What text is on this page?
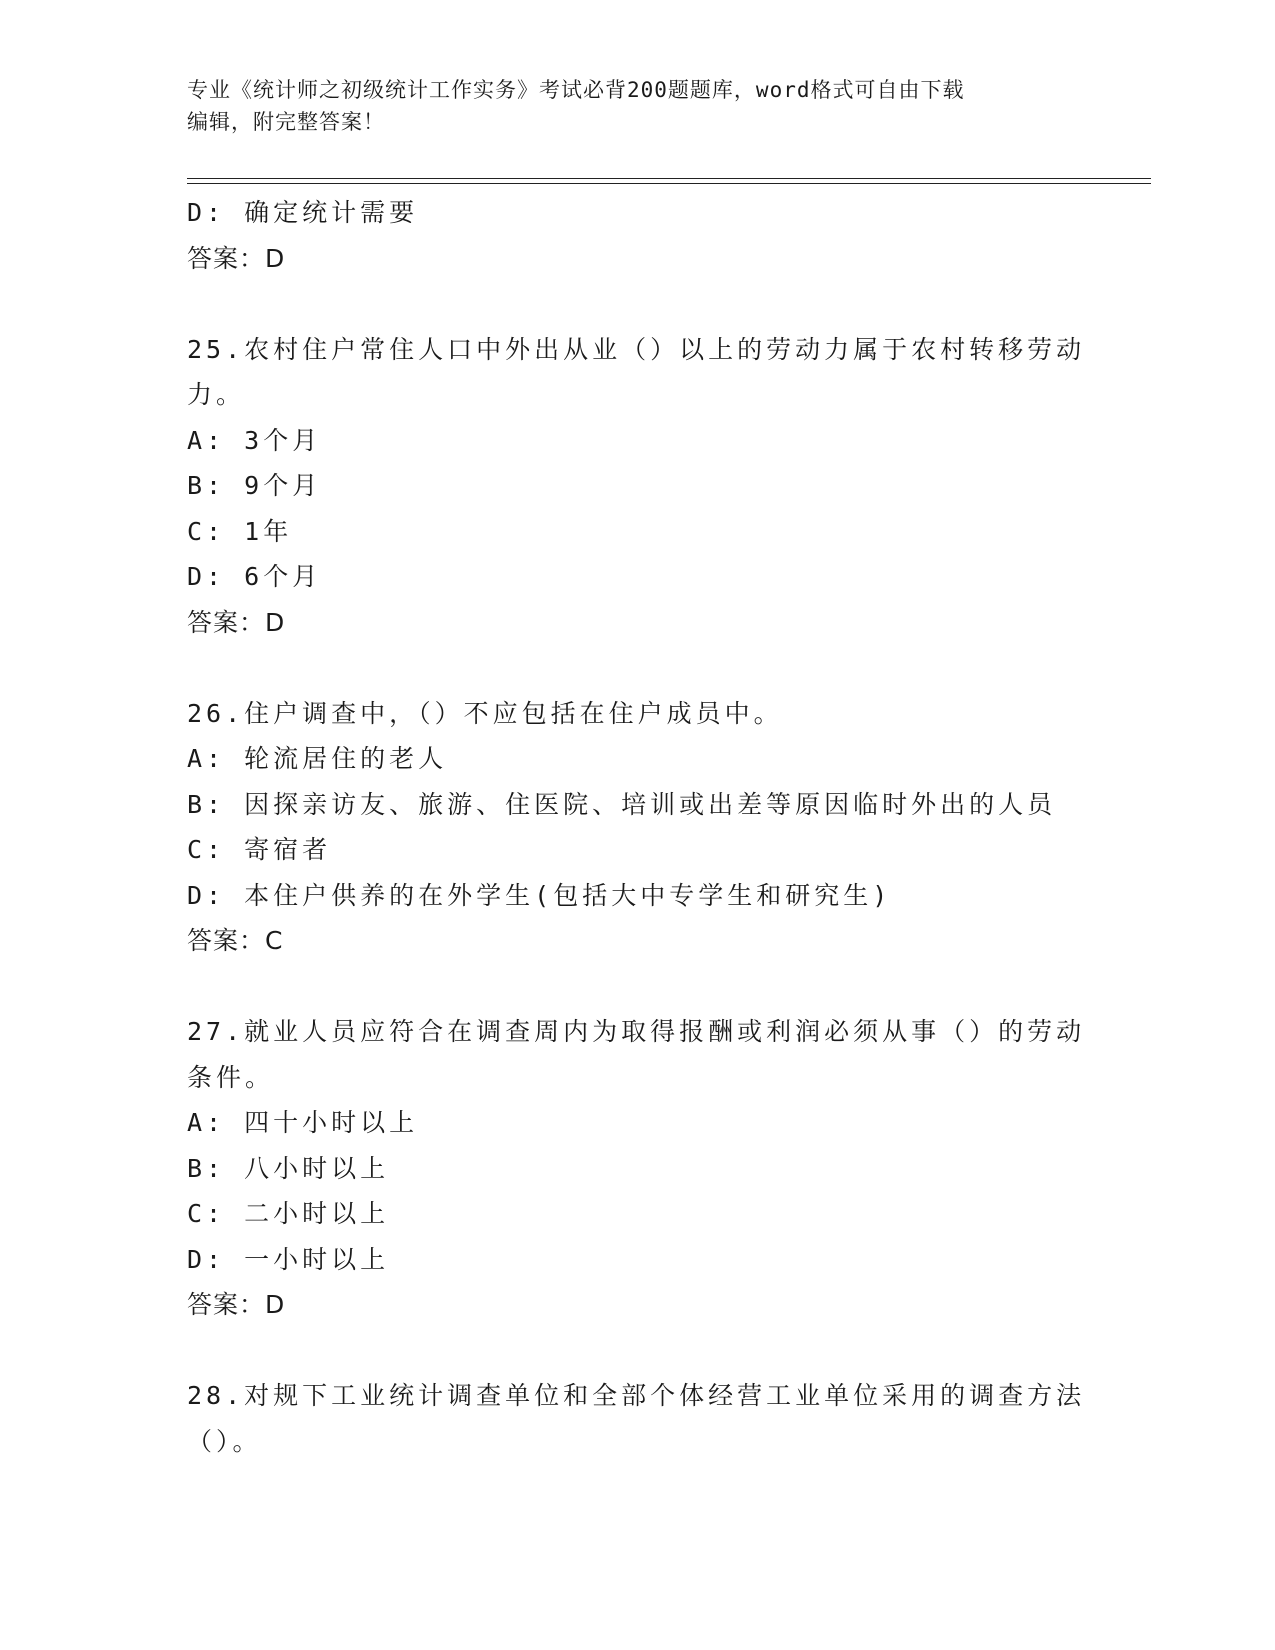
专业《统计师之初级统计工作实务》考试必背200题题库，word格式可自由下载
编辑，附完整答案！
D: 确定统计需要
答案：D
25.农村住户常住人口中外出从业（）以上的劳动力属于农村转移劳动
力。
A: 3个月
B: 9个月
C: 1年
D: 6个月
答案：D
26.住户调查中，（）不应包括在住户成员中。
A: 轮流居住的老人
B: 因探亲访友、旅游、住医院、培训或出差等原因临时外出的人员
C: 寄宿者
D: 本住户供养的在外学生(包括大中专学生和研究生)
答案：C
27.就业人员应符合在调查周内为取得报酬或利润必须从事（）的劳动
条件。
A: 四十小时以上
B: 八小时以上
C: 二小时以上
D: 一小时以上
答案：D
28.对规下工业统计调查单位和全部个体经营工业单位采用的调查方法
（）。
